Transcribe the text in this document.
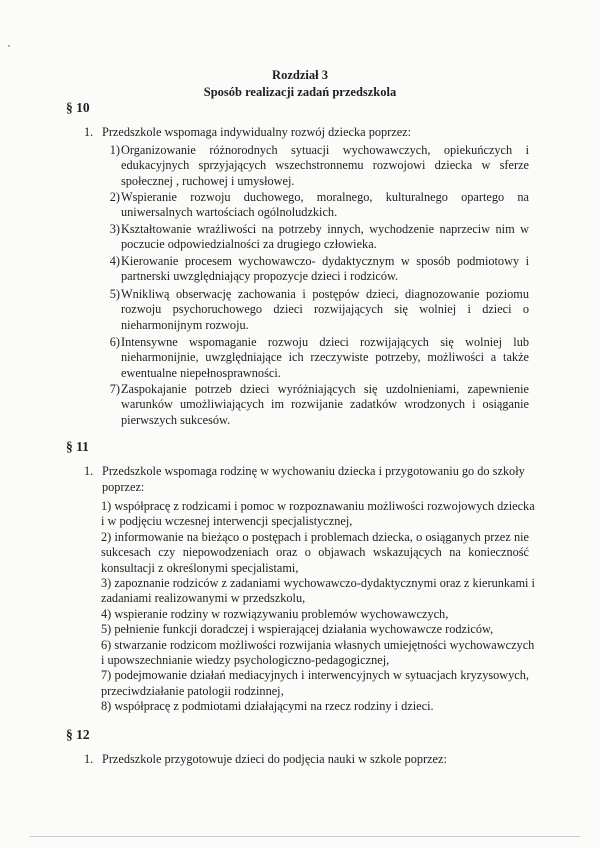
Rozdział 3
Sposób realizacji zadań przedszkola
§ 10
1. Przedszkole wspomaga indywidualny rozwój dziecka poprzez:
1) Organizowanie różnorodnych sytuacji wychowawczych, opiekuńczych i
edukacyjnych sprzyjających wszechstronnemu rozwojowi dziecka w sferze
społecznej , ruchowej i umysłowej.
2) Wspieranie rozwoju duchowego, moralnego, kulturalnego opartego na
uniwersalnych wartościach ogólnoludzkich.
3) Kształtowanie wrażliwości na potrzeby innych, wychodzenie naprzeciw nim w
poczucie odpowiedzialności za drugiego człowieka.
4) Kierowanie procesem wychowawczo- dydaktycznym w sposób podmiotowy i
partnerski uwzględniający propozycje dzieci i rodziców.
5) Wnikliwą obserwację zachowania i postępów dzieci, diagnozowanie poziomu
rozwoju psychoruchowego dzieci rozwijających się wolniej i dzieci o
nieharmonijnym rozwoju.
6) Intensywne wspomaganie rozwoju dzieci rozwijających się wolniej lub
nieharmonijnie, uwzględniające ich rzeczywiste potrzeby, możliwości a także
ewentualne niepełnosprawności.
7) Zaspokajanie potrzeb dzieci wyróżniających się uzdolnieniami, zapewnienie
warunków umożliwiających im rozwijanie zadatków wrodzonych i osiąganie
pierwszych sukcesów.
§ 11
1. Przedszkole wspomaga rodzinę w wychowaniu dziecka i przygotowaniu go do szkoły
poprzez:
1) współpracę z rodzicami i pomoc w rozpoznawaniu możliwości rozwojowych dziecka
i w podjęciu wczesnej interwencji specjalistycznej,
2) informowanie na bieżąco o postępach i problemach dziecka, o osiąganych przez nie
sukcesach czy niepowodzeniach oraz o objawach wskazujących na konieczność
konsultacji z określonymi specjalistami,
3) zapoznanie rodziców z zadaniami wychowawczo-dydaktycznymi oraz z kierunkami i
zadaniami realizowanymi w przedszkolu,
4) wspieranie rodziny w rozwiązywaniu problemów wychowawczych,
5) pełnienie funkcji doradczej i wspierającej działania wychowawcze rodziców,
6) stwarzanie rodzicom możliwości rozwijania własnych umiejętności wychowawczych
i upowszechnianie wiedzy psychologiczno-pedagogicznej,
7) podejmowanie działań mediacyjnych i interwencyjnych w sytuacjach kryzysowych,
przeciwdziałanie patologii rodzinnej,
8) współpracę z podmiotami działającymi na rzecz rodziny i dzieci.
§ 12
1. Przedszkole przygotowuje dzieci do podjęcia nauki w szkole poprzez:
